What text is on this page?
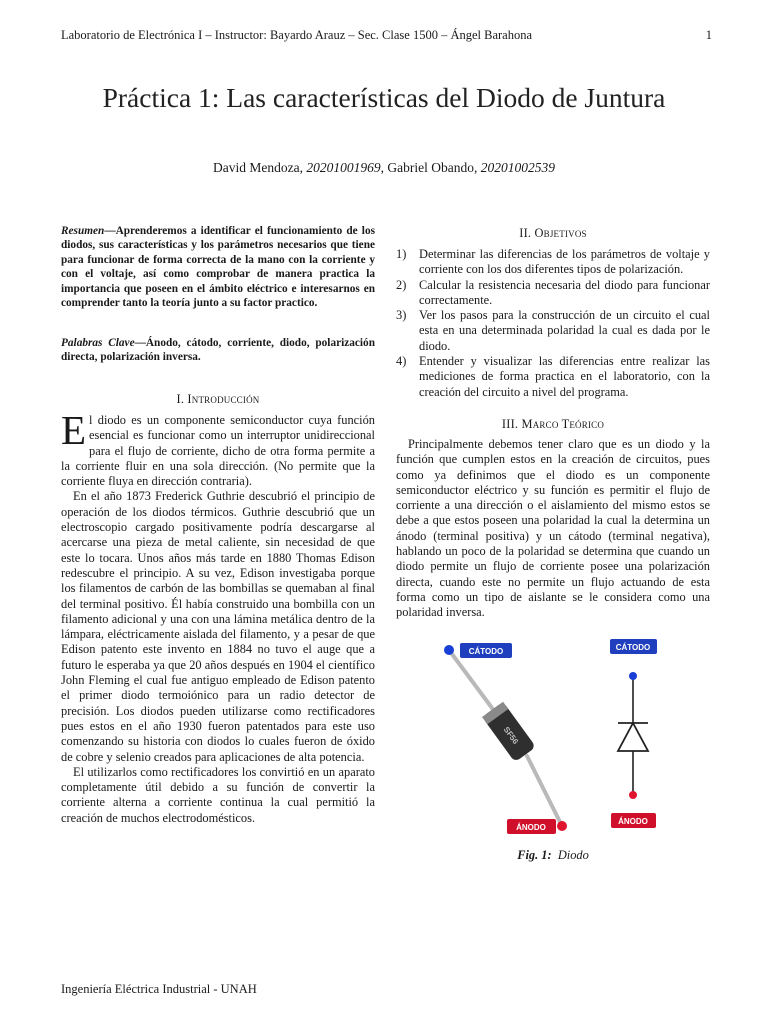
Laboratorio de Electrónica I – Instructor: Bayardo Arauz – Sec. Clase 1500 – Ángel Barahona	1
Práctica 1: Las características del Diodo de Juntura
David Mendoza, 20201001969, Gabriel Obando, 20201002539
Resumen—Aprenderemos a identificar el funcionamiento de los diodos, sus características y los parámetros necesarios que tiene para funcionar de forma correcta de la mano con la corriente y con el voltaje, así como comprobar de manera practica la importancia que poseen en el ámbito eléctrico e interesarnos en comprender tanto la teoría junto a su factor practico.
Palabras Clave—Ánodo, cátodo, corriente, diodo, polarización directa, polarización inversa.
I. Introducción

El diodo es un componente semiconductor cuya función esencial es funcionar como un interruptor unidireccional para el flujo de corriente, dicho de otra forma permite a la corriente fluir en una sola dirección. (No permite que la corriente fluya en dirección contraria).

En el año 1873 Frederick Guthrie descubrió el principio de operación de los diodos térmicos. Guthrie descubrió que un electroscopio cargado positivamente podría descargarse al acercarse una pieza de metal caliente, sin necesidad de que este lo tocara. Unos años más tarde en 1880 Thomas Edison redescubre el principio. A su vez, Edison investigaba porque los filamentos de carbón de las bombillas se quemaban al final del terminal positivo. Él había construido una bombilla con un filamento adicional y una con una lámina metálica dentro de la lámpara, eléctricamente aislada del filamento, y a pesar de que Edison patento este invento en 1884 no tuvo el auge que a futuro le esperaba ya que 20 años después en 1904 el científico John Fleming el cual fue antiguo empleado de Edison patento el primer diodo termoiónico para un radio detector de precisión. Los diodos pueden utilizarse como rectificadores pues estos en el año 1930 fueron patentados para este uso comenzando su historia con diodos lo cuales fueron de óxido de cobre y selenio creados para aplicaciones de alta potencia.

El utilizarlos como rectificadores los convirtió en un aparato completamente útil debido a su función de convertir la corriente alterna a corriente continua la cual permitió la creación de muchos electrodomésticos.

II. Objetivos
1) Determinar las diferencias de los parámetros de voltaje y corriente con los dos diferentes tipos de polarización.
2) Calcular la resistencia necesaria del diodo para funcionar correctamente.
3) Ver los pasos para la construcción de un circuito el cual esta en una determinada polaridad la cual es dada por le diodo.
4) Entender y visualizar las diferencias entre realizar las mediciones de forma practica en el laboratorio, con la creación del circuito a nivel del programa.
III. Marco Teórico

Principalmente debemos tener claro que es un diodo y la función que cumplen estos en la creación de circuitos, pues como ya definimos que el diodo es un componente semiconductor eléctrico y su función es permitir el flujo de corriente a una dirección o el aislamiento del mismo estos se debe a que estos poseen una polaridad la cual la determina un ánodo (terminal positiva) y un cátodo (terminal negativa), hablando un poco de la polaridad se determina que cuando un diodo permite un flujo de corriente posee una polarización directa, cuando este no permite un flujo actuando de esta forma como un tipo de aislante se le considera como una polaridad inversa.

SF56
CÁTODO
ÁNODO
CÁTODO
ÁNODO
Fig. 1: Diodo
Ingeniería Eléctrica Industrial - UNAH
